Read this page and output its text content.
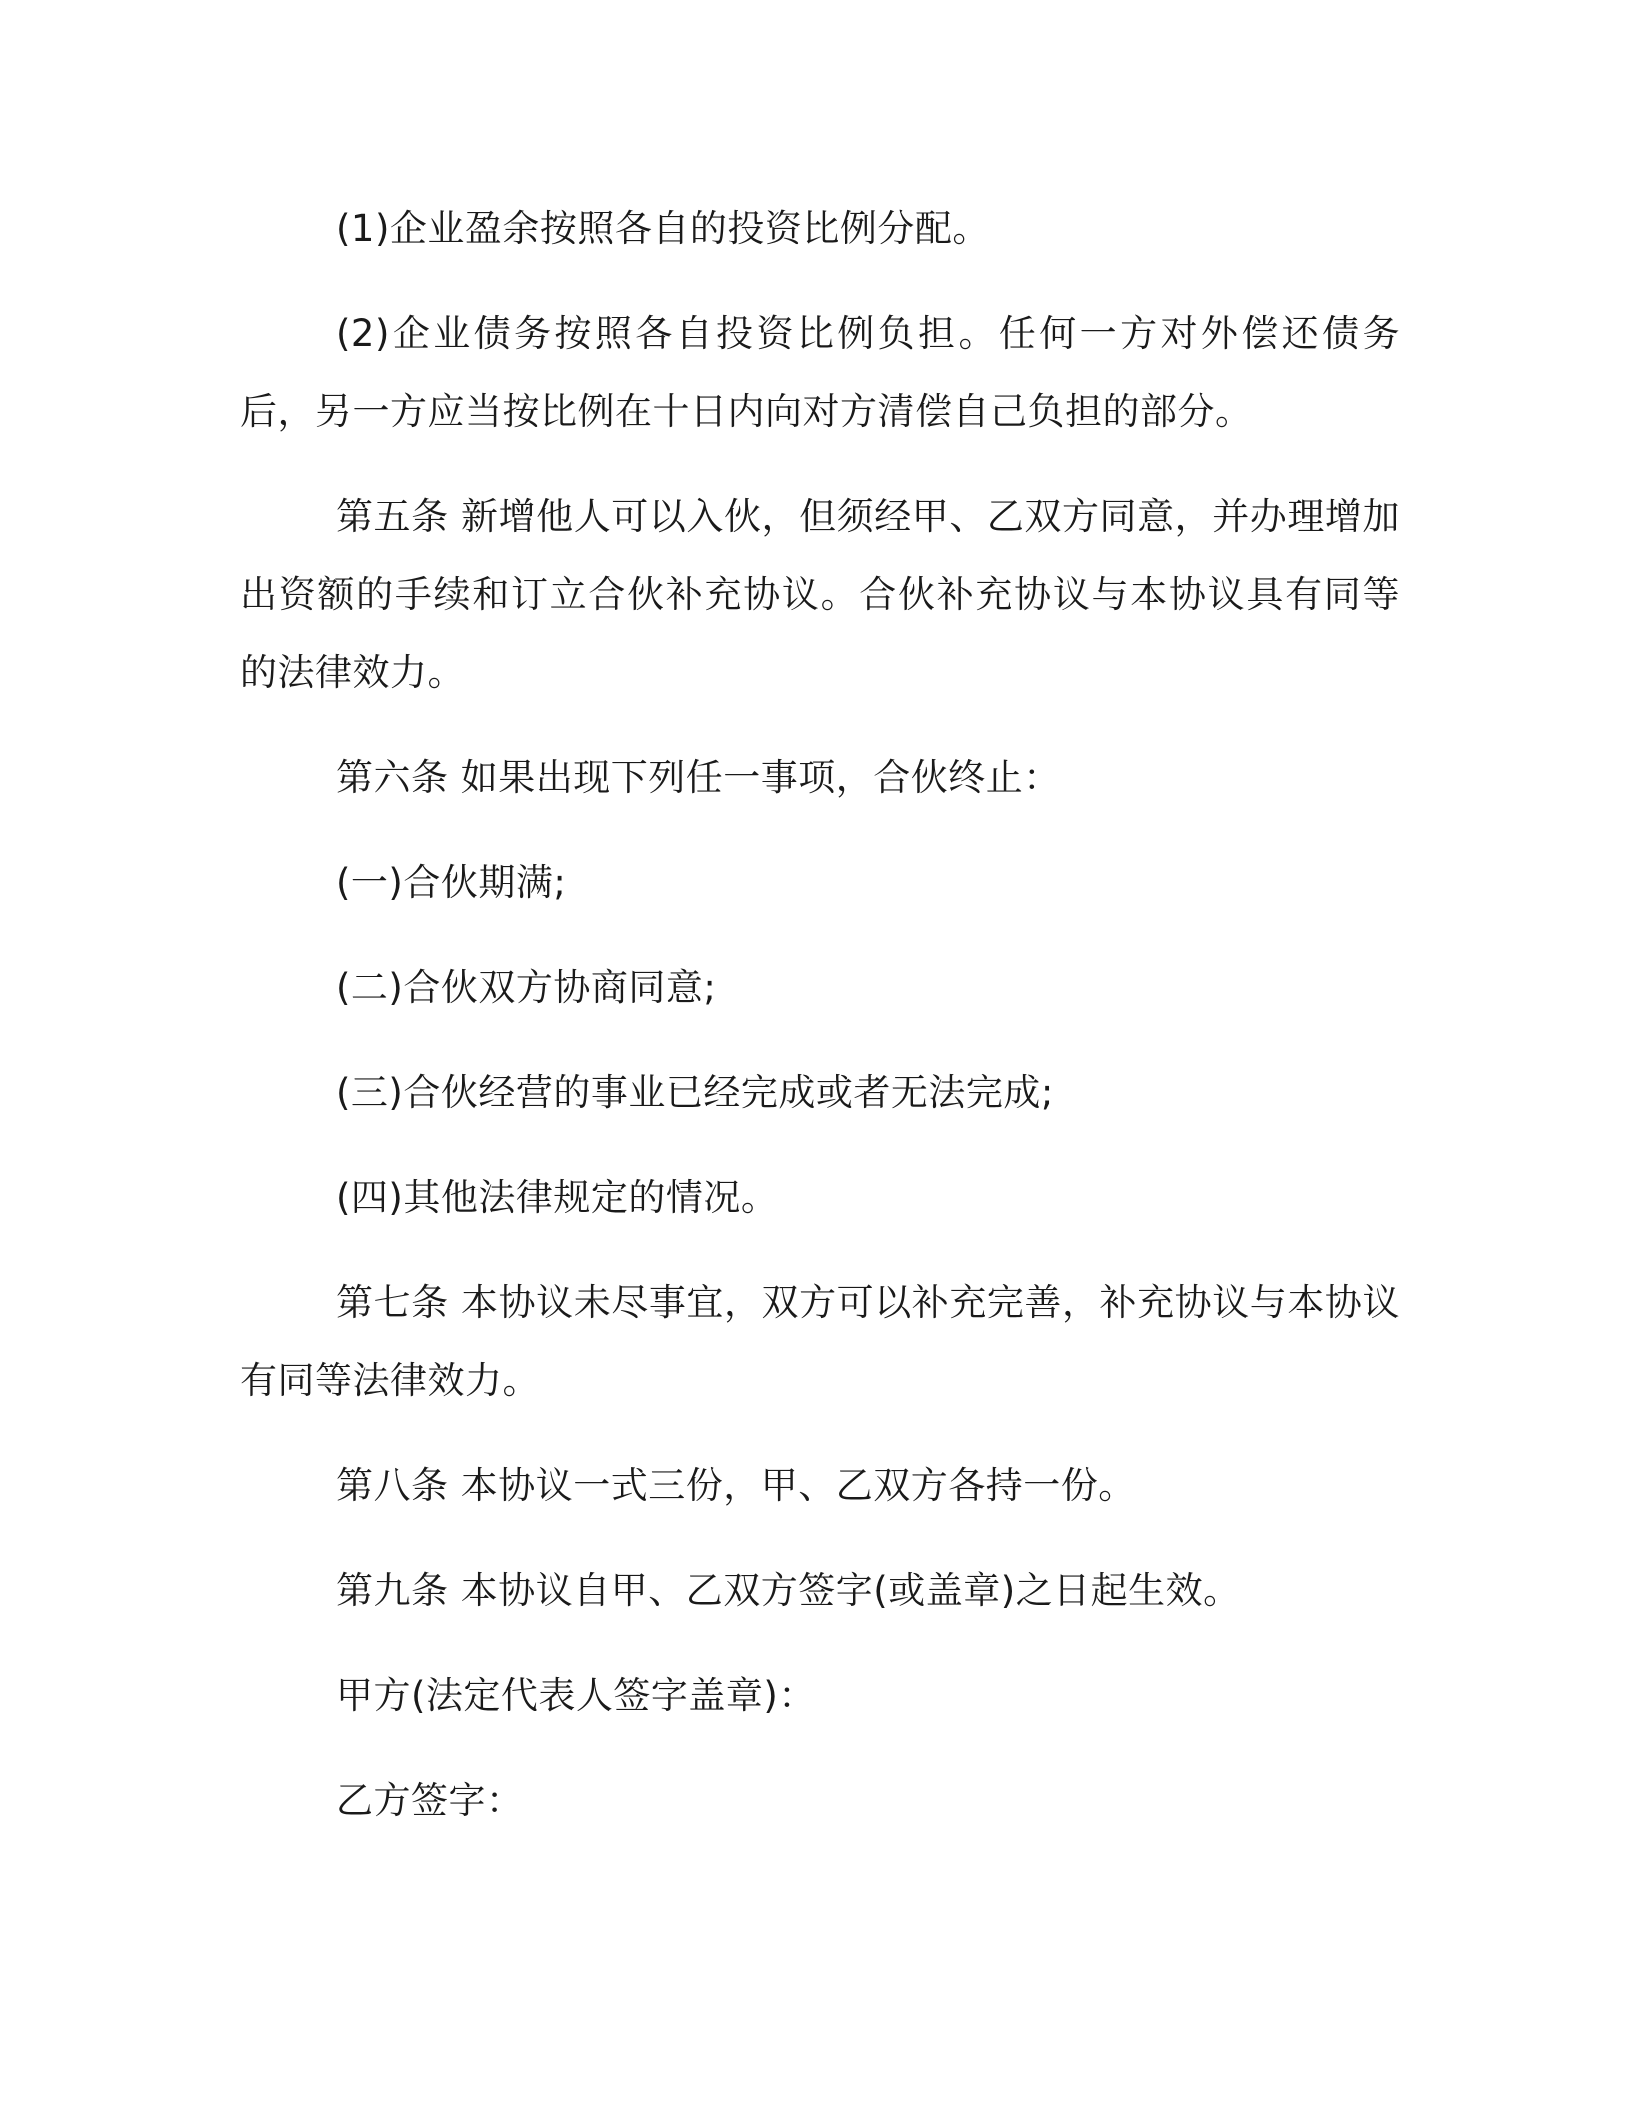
(1)企业盈余按照各自的投资比例分配。

(2)企业债务按照各自投资比例负担。任何一方对外偿还债务后，另一方应当按比例在十日内向对方清偿自己负担的部分。

第五条 新增他人可以入伙，但须经甲、乙双方同意，并办理增加出资额的手续和订立合伙补充协议。合伙补充协议与本协议具有同等的法律效力。

第六条 如果出现下列任一事项，合伙终止：

(一)合伙期满;

(二)合伙双方协商同意;

(三)合伙经营的事业已经完成或者无法完成;

(四)其他法律规定的情况。

第七条 本协议未尽事宜，双方可以补充完善，补充协议与本协议有同等法律效力。

第八条 本协议一式三份，甲、乙双方各持一份。

第九条 本协议自甲、乙双方签字(或盖章)之日起生效。

甲方(法定代表人签字盖章)：

乙方签字：
